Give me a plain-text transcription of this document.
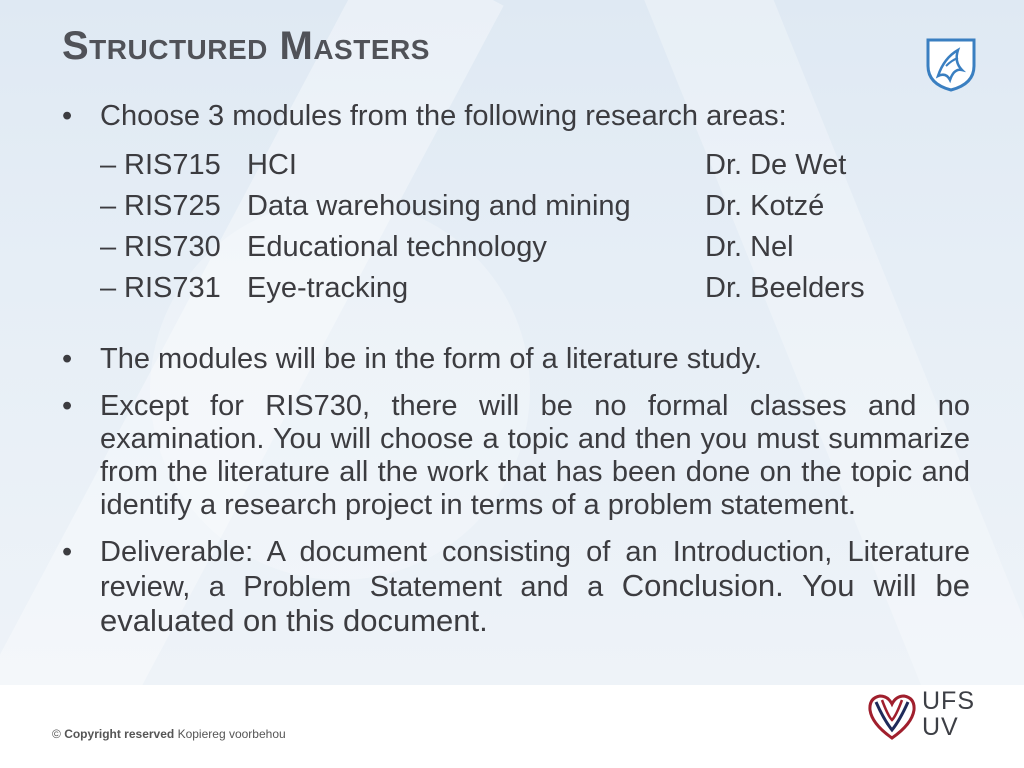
Structured Masters
• Choose 3 modules from the following research areas:
– RIS715 HCI	Dr. De Wet
– RIS725 Data warehousing and mining	Dr. Kotzé
– RIS730 Educational technology	Dr. Nel
– RIS731 Eye-tracking	Dr. Beelders
• The modules will be in the form of a literature study.
• Except for RIS730, there will be no formal classes and no examination. You will choose a topic and then you must summarize from the literature all the work that has been done on the topic and identify a research project in terms of a problem statement.
• Deliverable: A document consisting of an Introduction, Literature review, a Problem Statement and a Conclusion. You will be evaluated on this document.
© Copyright reserved Kopiereg voorbehou
UFS
UV
